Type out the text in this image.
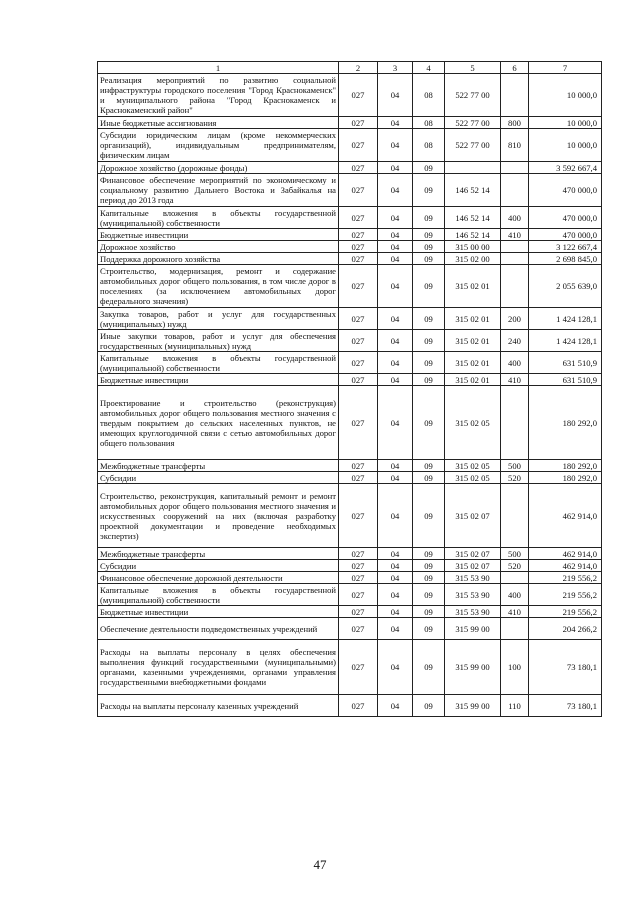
1	2	3	4	5	6	7
Реализация мероприятий по развитию социальной инфраструктуры городского поселения "Город Краснокаменск" и муниципального района "Город Краснокаменск и Краснокаменский район"	027	04	08	522 77 00		10 000,0
Иные бюджетные ассигнования	027	04	08	522 77 00	800	10 000,0
Субсидии юридическим лицам (кроме некоммерческих организаций), индивидуальным предпринимателям, физическим лицам	027	04	08	522 77 00	810	10 000,0
Дорожное хозяйство (дорожные фонды)	027	04	09			3 592 667,4
Финансовое обеспечение мероприятий по экономическому и социальному развитию Дальнего Востока и Забайкалья на период до 2013 года	027	04	09	146 52 14		470 000,0
Капитальные вложения в объекты государственной (муниципальной) собственности	027	04	09	146 52 14	400	470 000,0
Бюджетные инвестиции	027	04	09	146 52 14	410	470 000,0
Дорожное хозяйство	027	04	09	315 00 00		3 122 667,4
Поддержка дорожного хозяйства	027	04	09	315 02 00		2 698 845,0
Строительство, модернизация, ремонт и содержание автомобильных дорог общего пользования, в том числе дорог в поселениях (за исключением автомобильных дорог федерального значения)	027	04	09	315 02 01		2 055 639,0
Закупка товаров, работ и услуг для государственных (муниципальных) нужд	027	04	09	315 02 01	200	1 424 128,1
Иные закупки товаров, работ и услуг для обеспечения государственных (муниципальных) нужд	027	04	09	315 02 01	240	1 424 128,1
Капитальные вложения в объекты государственной (муниципальной) собственности	027	04	09	315 02 01	400	631 510,9
Бюджетные инвестиции	027	04	09	315 02 01	410	631 510,9
Проектирование и строительство (реконструкция) автомобильных дорог общего пользования местного значения с твердым покрытием до сельских населенных пунктов, не имеющих круглогодичной связи с сетью автомобильных дорог общего пользования	027	04	09	315 02 05		180 292,0
Межбюджетные трансферты	027	04	09	315 02 05	500	180 292,0
Субсидии	027	04	09	315 02 05	520	180 292,0
Строительство, реконструкция, капитальный ремонт и ремонт автомобильных дорог общего пользования местного значения и искусственных сооружений на них (включая разработку проектной документации и проведение необходимых экспертиз)	027	04	09	315 02 07		462 914,0
Межбюджетные трансферты	027	04	09	315 02 07	500	462 914,0
Субсидии	027	04	09	315 02 07	520	462 914,0
Финансовое обеспечение дорожной деятельности	027	04	09	315 53 90		219 556,2
Капитальные вложения в объекты государственной (муниципальной) собственности	027	04	09	315 53 90	400	219 556,2
Бюджетные инвестиции	027	04	09	315 53 90	410	219 556,2
Обеспечение деятельности подведомственных учреждений	027	04	09	315 99 00		204 266,2
Расходы на выплаты персоналу в целях обеспечения выполнения функций государственными (муниципальными) органами, казенными учреждениями, органами управления государственными внебюджетными фондами	027	04	09	315 99 00	100	73 180,1
Расходы на выплаты персоналу казенных учреждений	027	04	09	315 99 00	110	73 180,1
47
